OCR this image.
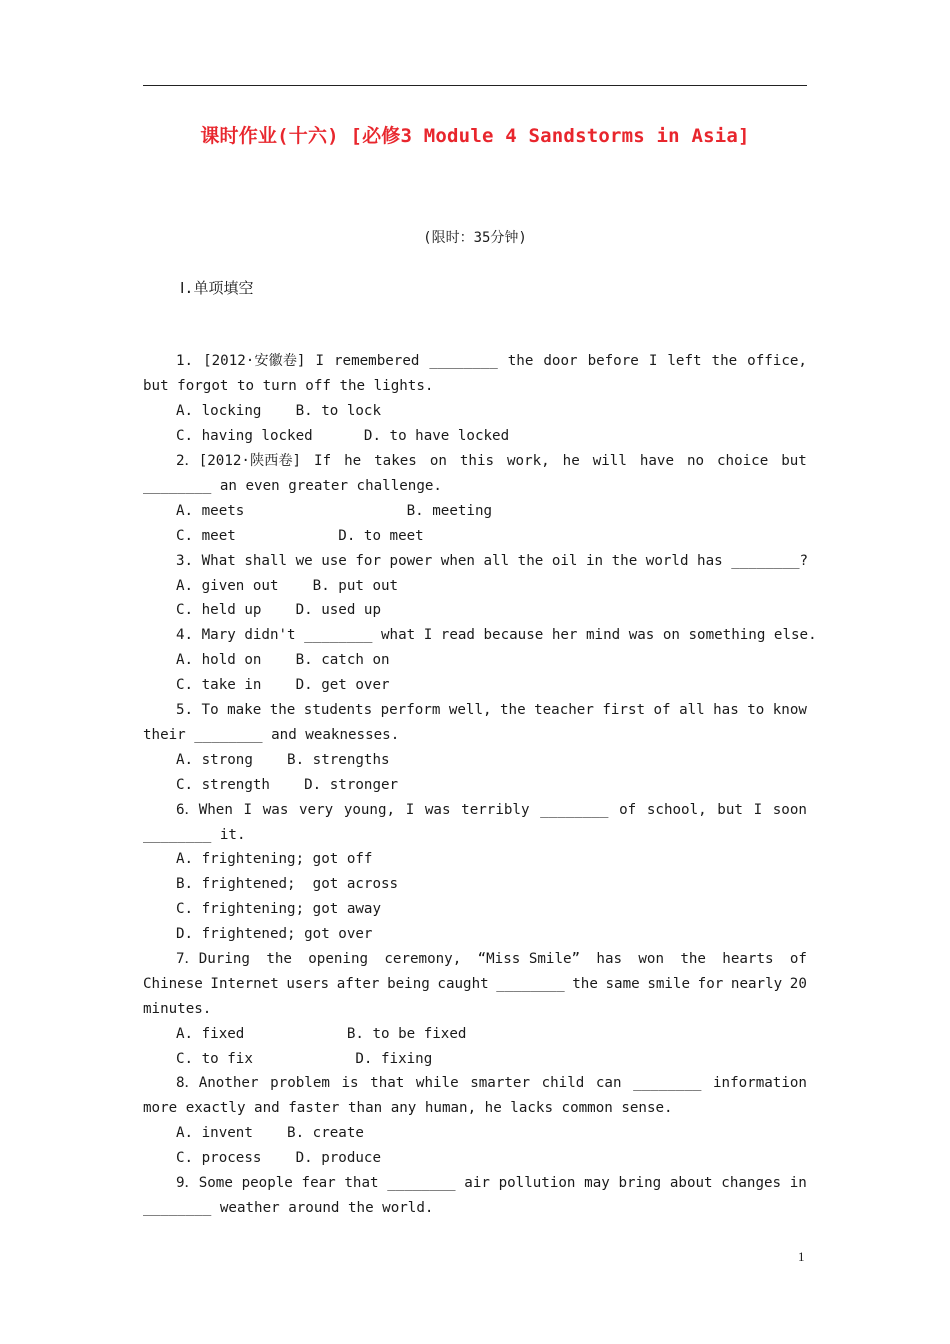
课时作业(十六) [必修3 Module 4 Sandstorms in Asia]
(限时：35分钟)
Ⅰ.单项填空
1. [2012·安徽卷] I remembered ________ the door before I left the office,
but forgot to turn off the lights.
A. locking    B. to lock
C. having locked      D. to have locked
2．[2012·陕西卷] If he takes on this work, he will have no choice but
________ an even greater challenge.
A. meets                   B. meeting
C. meet            D. to meet
3. What shall we use for power when all the oil in the world has ________?
A. given out    B. put out
C. held up    D. used up
4. Mary didn't ________ what I read because her mind was on something else.
A. hold on    B. catch on
C. take in    D. get over
5. To make the students perform well, the teacher first of all has to know
their ________ and weaknesses.
A. strong    B. strengths
C. strength    D. stronger
6．When I was very young, I was terribly ________ of school, but I soon
________ it.
A. frightening; got off
B. frightened;  got across
C. frightening; got away
D. frightened; got over
7．During the opening ceremony, “Miss Smile” has won the hearts of
Chinese Internet users after being caught ________ the same smile for nearly 20
minutes.
A. fixed            B. to be fixed
C. to fix            D. fixing
8．Another problem is that while smarter child can ________ information
more exactly and faster than any human, he lacks common sense.
A. invent    B. create
C. process    D. produce
9．Some people fear that ________ air pollution may bring about changes in
________ weather around the world.
1
